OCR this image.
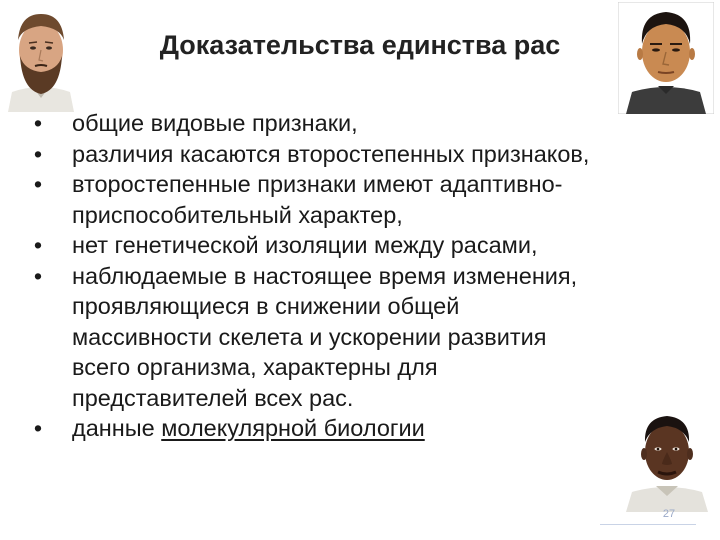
Доказательства единства рас
• общие видовые признаки,
• различия касаются второстепенных признаков,
• второстепенные признаки имеют адаптивно-
приспособительный характер,
• нет генетической изоляции между расами,
• наблюдаемые в настоящее время изменения,
проявляющиеся в снижении общей
массивности скелета и ускорении развития
всего организма, характерны для
представителей всех рас.
• данные молекулярной биологии
27
